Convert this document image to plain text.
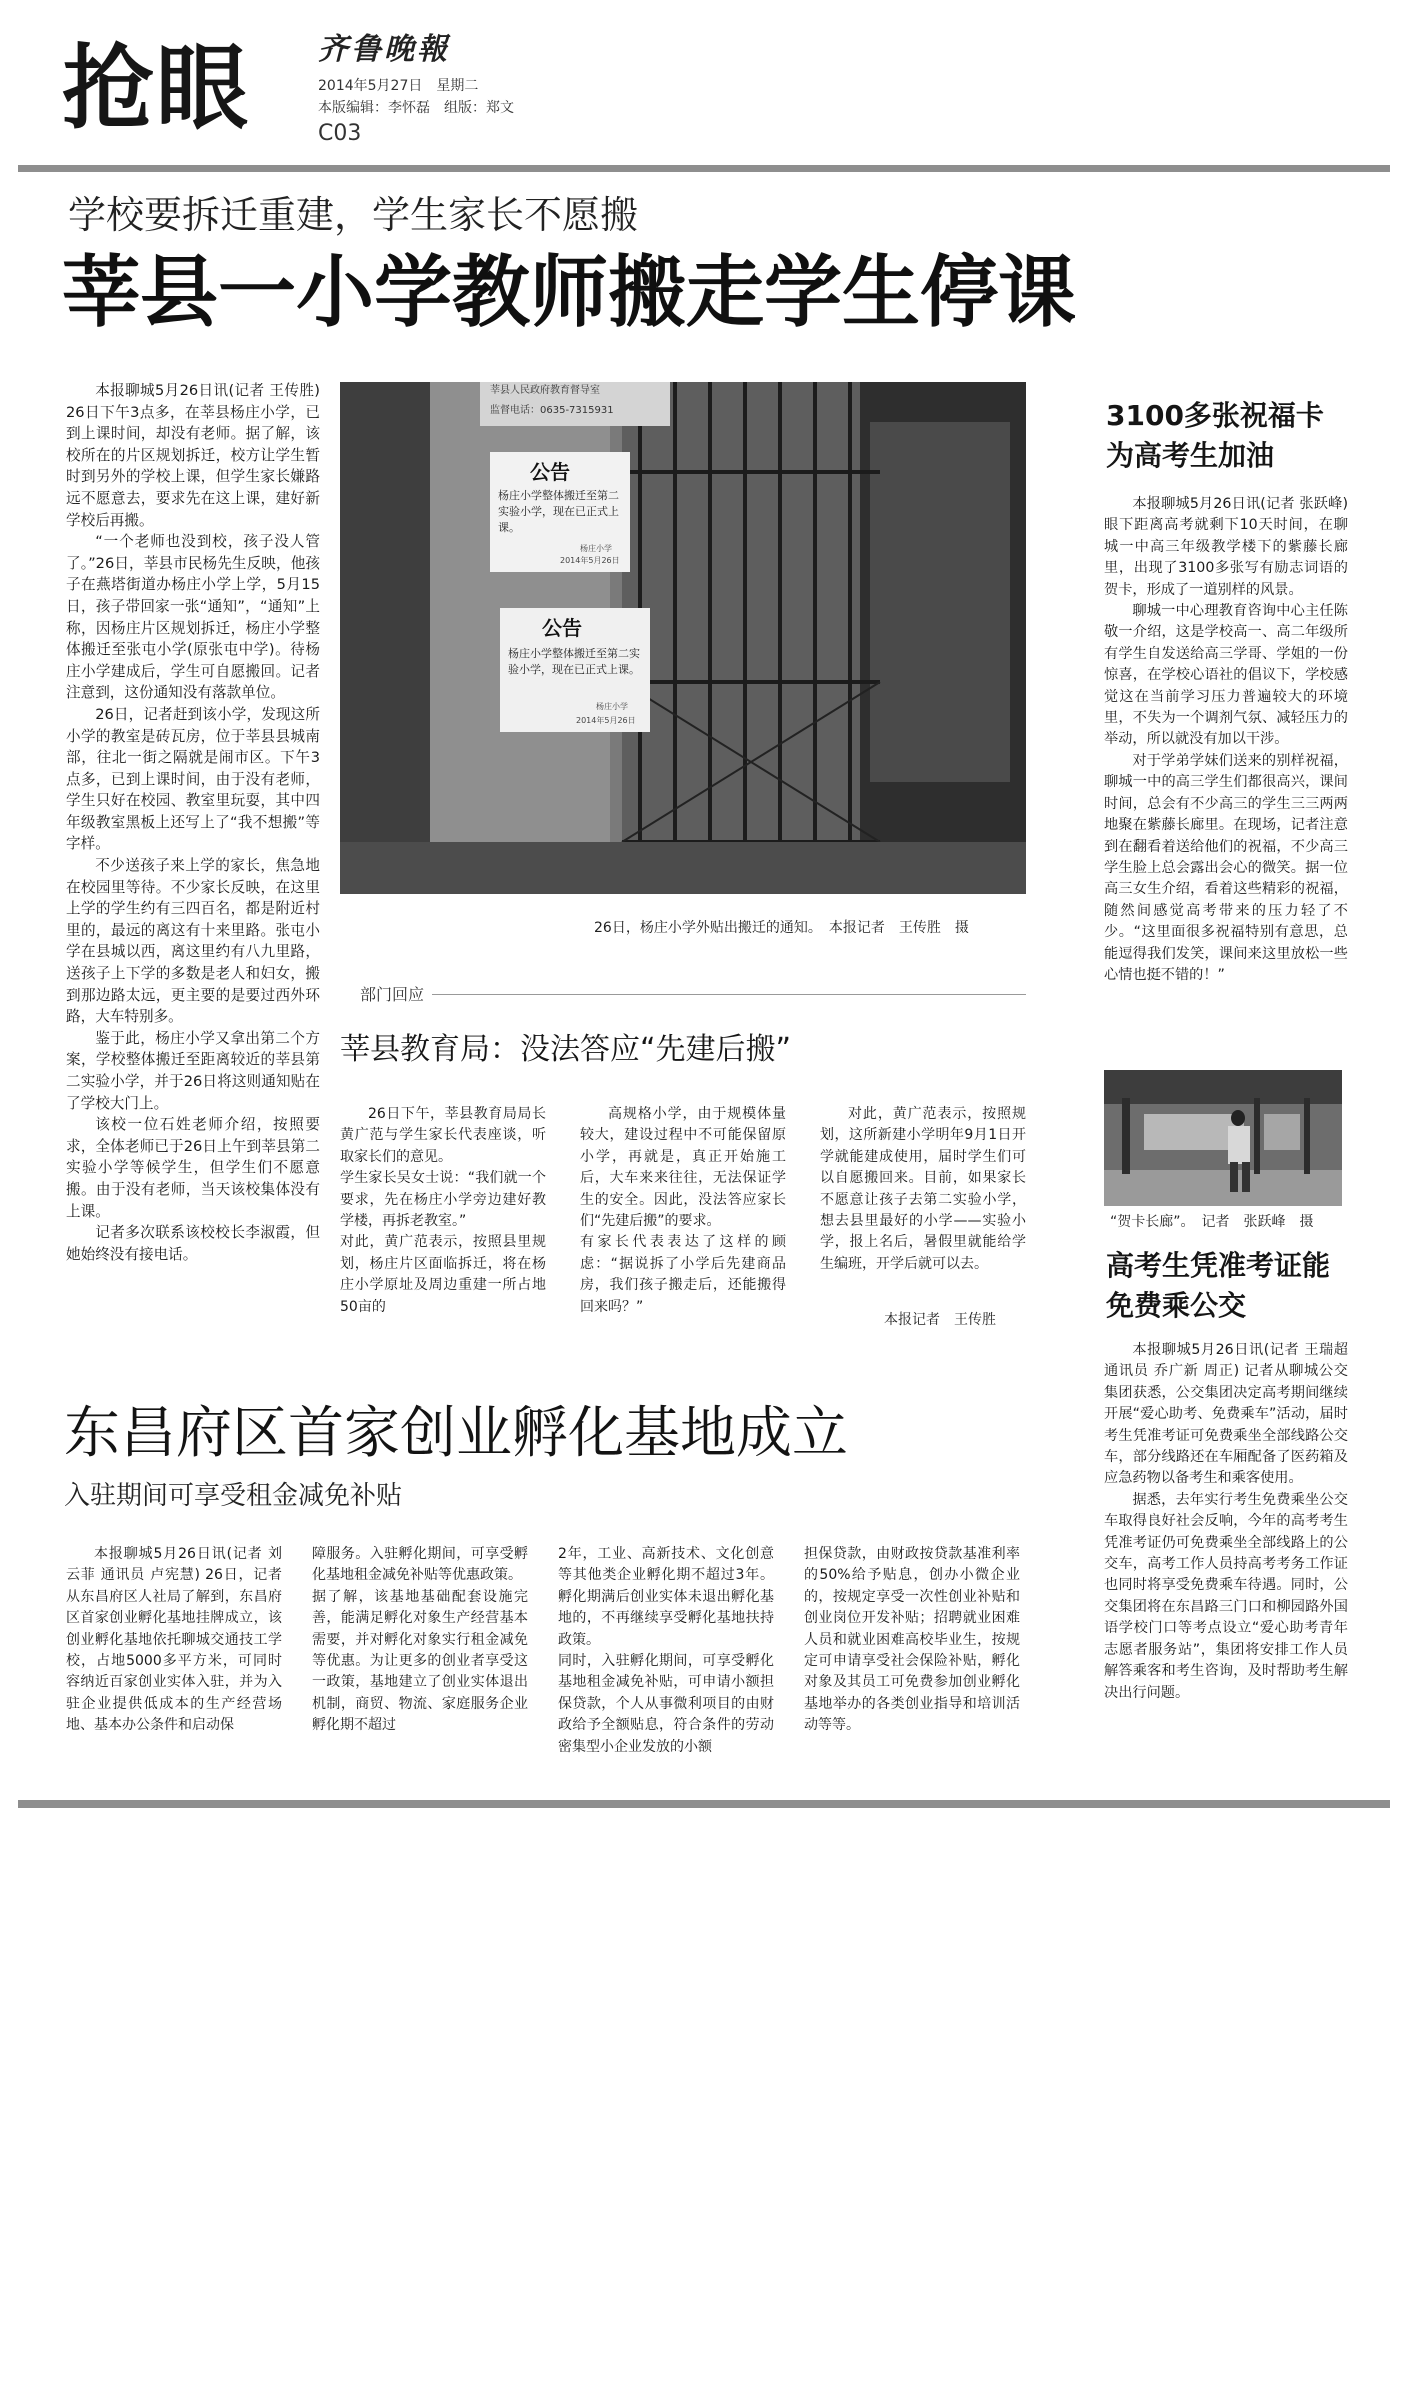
抢眼 齐鲁晚報
2014年5月27日　星期二
本版编辑：李怀磊　组版：郑文
C03
学校要拆迁重建，学生家长不愿搬
莘县一小学教师搬走学生停课

本报聊城5月26日讯(记者 王传胜) 26日下午3点多，在莘县杨庄小学，已到上课时间，却没有老师。据了解，该校所在的片区规划拆迁，校方让学生暂时到另外的学校上课，但学生家长嫌路远不愿意去，要求先在这上课，建好新学校后再搬。

“一个老师也没到校，孩子没人管了。”26日，莘县市民杨先生反映，他孩子在燕塔街道办杨庄小学上学，5月15日，孩子带回家一张“通知”，“通知”上称，因杨庄片区规划拆迁，杨庄小学整体搬迁至张屯小学(原张屯中学)。待杨庄小学建成后，学生可自愿搬回。记者注意到，这份通知没有落款单位。

26日，记者赶到该小学，发现这所小学的教室是砖瓦房，位于莘县县城南部，往北一街之隔就是闹市区。下午3点多，已到上课时间，由于没有老师，学生只好在校园、教室里玩耍，其中四年级教室黑板上还写上了“我不想搬”等字样。

不少送孩子来上学的家长，焦急地在校园里等待。不少家长反映，在这里上学的学生约有三四百名，都是附近村里的，最远的离这有十来里路。张屯小学在县城以西，离这里约有八九里路，送孩子上下学的多数是老人和妇女，搬到那边路太远，更主要的是要过西外环路，大车特别多。

鉴于此，杨庄小学又拿出第二个方案，学校整体搬迁至距离较近的莘县第二实验小学，并于26日将这则通知贴在了学校大门上。

该校一位石姓老师介绍，按照要求，全体老师已于26日上午到莘县第二实验小学等候学生，但学生们不愿意搬。由于没有老师，当天该校集体没有上课。

记者多次联系该校校长李淑霞，但她始终没有接电话。

莘县人民政府教育督导室
监督电话：0635-7315931
公告
杨庄小学整体搬迁至第二实验小学，现在已正式上课。
杨庄小学
2014年5月26日
公告
杨庄小学整体搬迁至第二实验小学，现在已正式上课。
杨庄小学
2014年5月26日
26日，杨庄小学外贴出搬迁的通知。　本报记者　王传胜　摄
部门回应
莘县教育局：没法答应“先建后搬”
26日下午，莘县教育局局长黄广范与学生家长代表座谈，听取家长们的意见。
学生家长吴女士说：“我们就一个要求，先在杨庄小学旁边建好教学楼，再拆老教室。”
对此，黄广范表示，按照县里规划，杨庄片区面临拆迁，将在杨庄小学原址及周边重建一所占地50亩的
高规格小学，由于规模体量较大，建设过程中不可能保留原小学，再就是，真正开始施工后，大车来来往往，无法保证学生的安全。因此，没法答应家长们“先建后搬”的要求。
有家长代表表达了这样的顾虑：“据说拆了小学后先建商品房，我们孩子搬走后，还能搬得回来吗？”
对此，黄广范表示，按照规划，这所新建小学明年9月1日开学就能建成使用，届时学生们可以自愿搬回来。目前，如果家长不愿意让孩子去第二实验小学，想去县里最好的小学——实验小学，报上名后，暑假里就能给学生编班，开学后就可以去。
本报记者　王传胜
3100多张祝福卡为高考生加油

本报聊城5月26日讯(记者 张跃峰) 眼下距离高考就剩下10天时间，在聊城一中高三年级教学楼下的紫藤长廊里，出现了3100多张写有励志词语的贺卡，形成了一道别样的风景。

聊城一中心理教育咨询中心主任陈敬一介绍，这是学校高一、高二年级所有学生自发送给高三学哥、学姐的一份惊喜，在学校心语社的倡议下，学校感觉这在当前学习压力普遍较大的环境里，不失为一个调剂气氛、减轻压力的举动，所以就没有加以干涉。

对于学弟学妹们送来的别样祝福，聊城一中的高三学生们都很高兴，课间时间，总会有不少高三的学生三三两两地聚在紫藤长廊里。在现场，记者注意到在翻看着送给他们的祝福，不少高三学生脸上总会露出会心的微笑。据一位高三女生介绍，看着这些精彩的祝福，随然间感觉高考带来的压力轻了不少。“这里面很多祝福特别有意思，总能逗得我们发笑，课间来这里放松一些心情也挺不错的！”

“贺卡长廊”。　记者　张跃峰　摄
高考生凭准考证能免费乘公交

本报聊城5月26日讯(记者 王瑞超 通讯员 乔广新 周正) 记者从聊城公交集团获悉，公交集团决定高考期间继续开展“爱心助考、免费乘车”活动，届时考生凭准考证可免费乘坐全部线路公交车，部分线路还在车厢配备了医药箱及应急药物以备考生和乘客使用。

据悉，去年实行考生免费乘坐公交车取得良好社会反响，今年的高考考生凭准考证仍可免费乘坐全部线路上的公交车，高考工作人员持高考考务工作证也同时将享受免费乘车待遇。同时，公交集团将在东昌路三门口和柳园路外国语学校门口等考点设立“爱心助考青年志愿者服务站”，集团将安排工作人员解答乘客和考生咨询，及时帮助考生解决出行问题。

东昌府区首家创业孵化基地成立
入驻期间可享受租金减免补贴
本报聊城5月26日讯(记者 刘云菲 通讯员 卢宪慧) 26日，记者从东昌府区人社局了解到，东昌府区首家创业孵化基地挂牌成立，该创业孵化基地依托聊城交通技工学校，占地5000多平方米，可同时容纳近百家创业实体入驻，并为入驻企业提供低成本的生产经营场地、基本办公条件和启动保
障服务。入驻孵化期间，可享受孵化基地租金减免补贴等优惠政策。
据了解，该基地基础配套设施完善，能满足孵化对象生产经营基本需要，并对孵化对象实行租金减免等优惠。为让更多的创业者享受这一政策，基地建立了创业实体退出机制，商贸、物流、家庭服务企业孵化期不超过
2年，工业、高新技术、文化创意等其他类企业孵化期不超过3年。孵化期满后创业实体未退出孵化基地的，不再继续享受孵化基地扶持政策。
同时，入驻孵化期间，可享受孵化基地租金减免补贴，可申请小额担保贷款，个人从事微利项目的由财政给予全额贴息，符合条件的劳动密集型小企业发放的小额
担保贷款，由财政按贷款基准利率的50%给予贴息，创办小微企业的，按规定享受一次性创业补贴和创业岗位开发补贴；招聘就业困难人员和就业困难高校毕业生，按规定可申请享受社会保险补贴，孵化对象及其员工可免费参加创业孵化基地举办的各类创业指导和培训活动等等。
